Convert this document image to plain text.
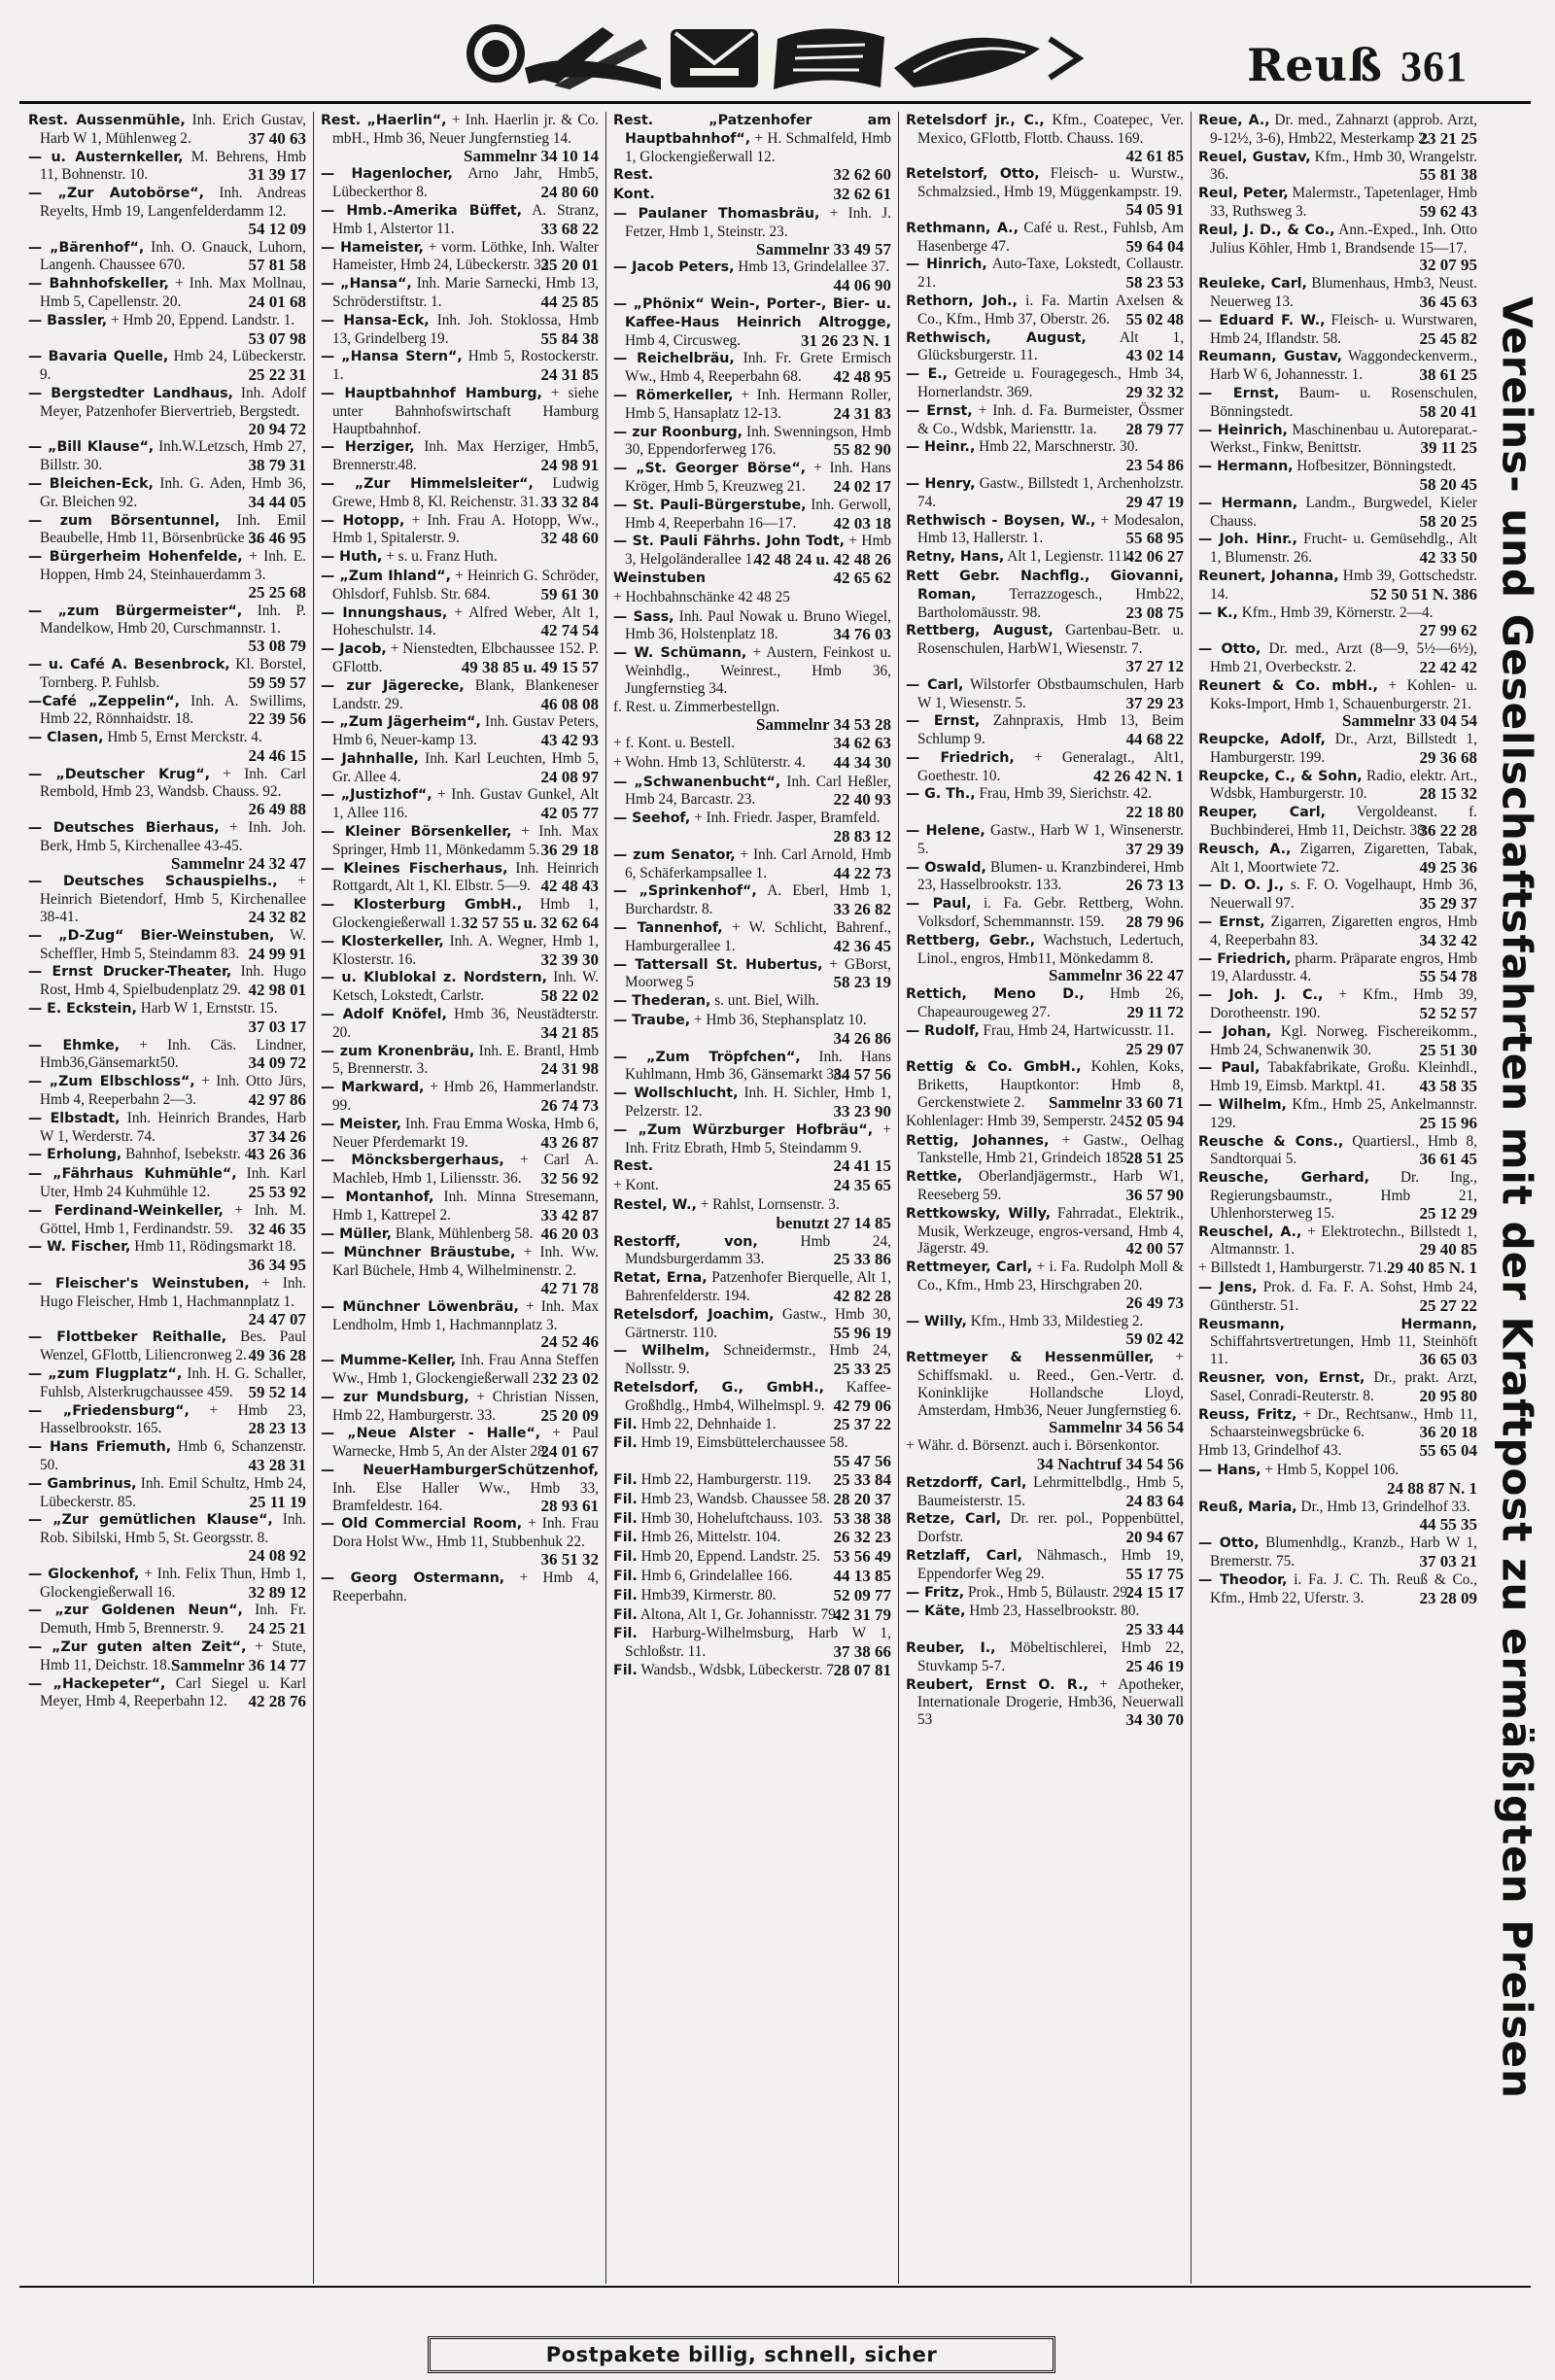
Reuß 361

Rest. Aussenmühle, Inh. Erich Gustav, Harb W 1, Mühlenweg 2.	37 40 63

— u. Austernkeller, M. Behrens, Hmb 11, Bohnenstr. 10.	31 39 17

— „Zur Autobörse“, Inh. Andreas Reyelts, Hmb 19, Langenfelderdamm 12.
54 12 09

— „Bärenhof“, Inh. O. Gnauck, Luhorn, Langenh. Chaussee 670.	57 81 58

— Bahnhofskeller, + Inh. Max Mollnau, Hmb 5, Capellenstr. 20.	24 01 68

— Bassler, + Hmb 20, Eppend. Landstr. 1.
53 07 98

— Bavaria Quelle, Hmb 24, Lübeckerstr. 9.	25 22 31

— Bergstedter Landhaus, Inh. Adolf Meyer, Patzenhofer Biervertrieb, Bergstedt.
20 94 72

— „Bill Klause“, Inh.W.Letzsch, Hmb 27, Billstr. 30.	38 79 31

— Bleichen-Eck, Inh. G. Aden, Hmb 36, Gr. Bleichen 92.	34 44 05

— zum Börsentunnel, Inh. Emil Beaubelle, Hmb 11, Börsenbrücke 3.
36 46 95

— Bürgerheim Hohenfelde, + Inh. E. Hoppen, Hmb 24, Steinhauerdamm 3.
25 25 68

— „zum Bürgermeister“, Inh. P. Mandelkow, Hmb 20, Curschmannstr. 1.
53 08 79

— u. Café A. Besenbrock, Kl. Borstel, Tornberg. P. Fuhlsb.	59 59 57

—Café „Zeppelin“, Inh. A. Swillims, Hmb 22, Rönnhaidstr. 18.	22 39 56

— Clasen, Hmb 5, Ernst Merckstr. 4.
24 46 15

— „Deutscher Krug“, + Inh. Carl Rembold, Hmb 23, Wandsb. Chauss. 92.
26 49 88

— Deutsches Bierhaus, + Inh. Joh. Berk, Hmb 5, Kirchenallee 43-45.
Sammelnr 24 32 47

— Deutsches Schauspielhs., + Heinrich Bietendorf, Hmb 5, Kirchenallee 38-41.	24 32 82

— „D-Zug“ Bier-Weinstuben, W. Scheffler, Hmb 5, Steindamm 83. 24 99 91

— Ernst Drucker-Theater, Inh. Hugo Rost, Hmb 4, Spielbudenplatz 29. 42 98 01

— E. Eckstein, Harb W 1, Ernststr. 15.
37 03 17

— Ehmke, + Inh. Cäs. Lindner, Hmb36,Gänsemarkt50.	34 09 72

— „Zum Elbschloss“, + Inh. Otto Jürs, Hmb 4, Reeperbahn 2—3.	42 97 86

— Elbstadt, Inh. Heinrich Brandes, Harb W 1, Werderstr. 74.	37 34 26

— Erholung, Bahnhof, Isebekstr. 4.
43 26 36

— „Fährhaus Kuhmühle“, Inh. Karl Uter, Hmb 24 Kuhmühle 12. 25 53 92

— Ferdinand-Weinkeller, + Inh. M. Göttel, Hmb 1, Ferdinandstr. 59. 32 46 35

— W. Fischer, Hmb 11, Rödingsmarkt 18.
36 34 95

— Fleischer's Weinstuben, + Inh. Hugo Fleischer, Hmb 1, Hachmannplatz 1.
24 47 07

— Flottbeker Reithalle, Bes. Paul Wenzel, GFlottb, Liliencronweg 2. 49 36 28

— „zum Flugplatz“, Inh. H. G. Schaller, Fuhlsb, Alsterkrugchaussee 459. 59 52 14

— „Friedensburg“, + Hmb 23, Hasselbrookstr. 165.	28 23 13

— Hans Friemuth, Hmb 6, Schanzenstr. 50.	43 28 31

— Gambrinus, Inh. Emil Schultz, Hmb 24, Lübeckerstr. 85.	25 11 19

— „Zur gemütlichen Klause“, Inh. Rob. Sibilski, Hmb 5, St. Georgsstr. 8.
24 08 92

— Glockenhof, + Inh. Felix Thun, Hmb 1, Glockengießerwall 16.	32 89 12

— „zur Goldenen Neun“, Inh. Fr. Demuth, Hmb 5, Brennerstr. 9. 24 25 21

— „Zur guten alten Zeit“, + Stute, Hmb 11, Deichstr. 18. Sammelnr 36 14 77

— „Hackepeter“, Carl Siegel u. Karl Meyer, Hmb 4, Reeperbahn 12. 42 28 76

Rest. „Haerlin“, + Inh. Haerlin jr. & Co. mbH., Hmb 36, Neuer Jungfernstieg 14.
Sammelnr 34 10 14

— Hagenlocher, Arno Jahr, Hmb5, Lübeckerthor 8.	24 80 60

— Hmb.-Amerika Büffet, A. Stranz, Hmb 1, Alstertor 11.	33 68 22

— Hameister, + vorm. Löthke, Inh. Walter Hameister, Hmb 24, Lübeckerstr. 33.
25 20 01

— „Hansa“, Inh. Marie Sarnecki, Hmb 13, Schröderstiftstr. 1.	44 25 85

— Hansa-Eck, Inh. Joh. Stoklossa, Hmb 13, Grindelberg 19.	55 84 38

— „Hansa Stern“, Hmb 5, Rostockerstr. 1.	24 31 85

— Hauptbahnhof Hamburg, + siehe unter Bahnhofswirtschaft Hamburg Hauptbahnhof.

— Herziger, Inh. Max Herziger, Hmb5, Brennerstr.48.	24 98 91

— „Zur Himmelsleiter“, Ludwig Grewe, Hmb 8, Kl. Reichenstr. 31. 33 32 84

— Hotopp, + Inh. Frau A. Hotopp, Ww., Hmb 1, Spitalerstr. 9.	32 48 60

— Huth, + s. u. Franz Huth.

— „Zum Ihland“, + Heinrich G. Schröder, Ohlsdorf, Fuhlsb. Str. 684.	59 61 30

— Innungshaus, + Alfred Weber, Alt 1, Hoheschulstr. 14.	42 74 54

— Jacob, + Nienstedten, Elbchaussee 152. P. GFlottb.	49 38 85 u. 49 15 57

— zur Jägerecke, Blank, Blankeneser Landstr. 29.	46 08 08

— „Zum Jägerheim“, Inh. Gustav Peters, Hmb 6, Neuer-kamp 13.	43 42 93

— Jahnhalle, Inh. Karl Leuchten, Hmb 5, Gr. Allee 4.	24 08 97

— „Justizhof“, + Inh. Gustav Gunkel, Alt 1, Allee 116.	42 05 77

— Kleiner Börsenkeller, + Inh. Max Springer, Hmb 11, Mönkedamm 5. 36 29 18

— Kleines Fischerhaus, Inh. Heinrich Rottgardt, Alt 1, Kl. Elbstr. 5—9. 42 48 43

— Klosterburg GmbH., Hmb 1, Glockengießerwall 1. 32 57 55 u. 32 62 64

— Klosterkeller, Inh. A. Wegner, Hmb 1, Klosterstr. 16.	32 39 30

— u. Klublokal z. Nordstern, Inh. W. Ketsch, Lokstedt, Carlstr.	58 22 02

— Adolf Knöfel, Hmb 36, Neustädterstr. 20.	34 21 85

— zum Kronenbräu, Inh. E. Brantl, Hmb 5, Brennerstr. 3.	24 31 98

— Markward, + Hmb 26, Hammerlandstr. 99.	26 74 73

— Meister, Inh. Frau Emma Woska, Hmb 6, Neuer Pferdemarkt 19.	43 26 87

— Möncksbergerhaus, + Carl A. Machleb, Hmb 1, Liliensstr. 36. 32 56 92

— Montanhof, Inh. Minna Stresemann, Hmb 1, Kattrepel 2.	33 42 87

— Müller, Blank, Mühlenberg 58. 46 20 03

— Münchner Bräustube, + Inh. Ww. Karl Büchele, Hmb 4, Wilhelminenstr. 2.
42 71 78

— Münchner Löwenbräu, + Inh. Max Lendholm, Hmb 1, Hachmannplatz 3.
24 52 46

— Mumme-Keller, Inh. Frau Anna Steffen Ww., Hmb 1, Glockengießerwall 2.
32 23 02

— zur Mundsburg, + Christian Nissen, Hmb 22, Hamburgerstr. 33.	25 20 09

— „Neue Alster - Halle“, + Paul Warnecke, Hmb 5, An der Alster 28.
24 01 67

— NeuerHamburgerSchützenhof, Inh. Else Haller Ww., Hmb 33, Bramfeldestr. 164.	28 93 61

— Old Commercial Room, + Inh. Frau Dora Holst Ww., Hmb 11, Stubbenhuk 22.
36 51 32

— Georg Ostermann, + Hmb 4, Reeperbahn.

Rest. „Patzenhofer am Hauptbahnhof“, + H. Schmalfeld, Hmb 1, Glockengießerwall 12.

Rest.	32 62 60

Kont.	32 62 61

— Paulaner Thomasbräu, + Inh. J. Fetzer, Hmb 1, Steinstr. 23.
Sammelnr 33 49 57

— Jacob Peters, Hmb 13, Grindelallee 37.
44 06 90

— „Phönix“ Wein-, Porter-, Bier- u. Kaffee-Haus Heinrich Altrogge, Hmb 4, Circusweg.	31 26 23 N. 1

— Reichelbräu, Inh. Fr. Grete Ermisch Ww., Hmb 4, Reeperbahn 68. 42 48 95

— Römerkeller, + Inh. Hermann Roller, Hmb 5, Hansaplatz 12-13.	24 31 83

— zur Roonburg, Inh. Swenningson, Hmb 30, Eppendorferweg 176.	55 82 90

— „St. Georger Börse“, + Inh. Hans Kröger, Hmb 5, Kreuzweg 21. 24 02 17

— St. Pauli-Bürgerstube, Inh. Gerwoll, Hmb 4, Reeperbahn 16—17. 42 03 18

— St. Pauli Fährhs. John Todt, + Hmb 3, Helgoländerallee 1.
42 48 24 u. 42 48 26

Weinstuben	42 65 62

+ Hochbahnschänke 42 48 25

— Sass, Inh. Paul Nowak u. Bruno Wiegel, Hmb 36, Holstenplatz 18.	34 76 03

— W. Schümann, + Austern, Feinkost u. Weinhdlg., Weinrest., Hmb 36, Jungfernstieg 34.

f. Rest. u. Zimmerbestellgn.
Sammelnr 34 53 28

+ f. Kont. u. Bestell.	34 62 63

+ Wohn. Hmb 13, Schlüterstr. 4. 44 34 30

— „Schwanenbucht“, Inh. Carl Heßler, Hmb 24, Barcastr. 23.	22 40 93

— Seehof, + Inh. Friedr. Jasper, Bramfeld.
28 83 12

— zum Senator, + Inh. Carl Arnold, Hmb 6, Schäferkampsallee 1.	44 22 73

— „Sprinkenhof“, A. Eberl, Hmb 1, Burchardstr. 8.	33 26 82

— Tannenhof, + W. Schlicht, Bahrenf., Hamburgerallee 1.	42 36 45

— Tattersall St. Hubertus, + GBorst, Moorweg 5	58 23 19

— Thederan, s. unt. Biel, Wilh.

— Traube, + Hmb 36, Stephansplatz 10.
34 26 86

— „Zum Tröpfchen“, Inh. Hans Kuhlmann, Hmb 36, Gänsemarkt 38.
34 57 56

— Wollschlucht, Inh. H. Sichler, Hmb 1, Pelzerstr. 12.	33 23 90

— „Zum Würzburger Hofbräu“, + Inh. Fritz Ebrath, Hmb 5, Steindamm 9.

Rest.	24 41 15

+ Kont.	24 35 65

Restel, W., + Rahlst, Lornsenstr. 3.
benutzt 27 14 85

Restorff, von,	Hmb 24, Mundsburgerdamm 33.	25 33 86

Retat, Erna, Patzenhofer Bierquelle, Alt 1, Bahrenfelderstr. 194.	42 82 28

Retelsdorf, Joachim, Gastw., Hmb 30, Gärtnerstr. 110.	55 96 19

— Wilhelm, Schneidermstr., Hmb 24, Nollsstr. 9.	25 33 25

Retelsdorf, G., GmbH., Kaffee-Großhdlg., Hmb4, Wilhelmspl. 9. 42 79 06

Fil. Hmb 22, Dehnhaide 1.	25 37 22

Fil. Hmb 19, Eimsbüttelerchaussee 58.
55 47 56

Fil. Hmb 22, Hamburgerstr. 119. 25 33 84

Fil. Hmb 23, Wandsb. Chaussee 58. 28 20 37

Fil. Hmb 30, Hoheluftchauss. 103. 53 38 38

Fil. Hmb 26, Mittelstr. 104.	26 32 23

Fil. Hmb 20, Eppend. Landstr. 25. 53 56 49

Fil. Hmb 6, Grindelallee 166. 44 13 85

Fil. Hmb39, Kirmerstr. 80.	52 09 77

Fil. Altona, Alt 1, Gr. Johannisstr. 79.
42 31 79

Fil. Harburg-Wilhelmsburg, Harb W 1, Schloßstr. 11.	37 38 66

Fil. Wandsb., Wdsbk, Lübeckerstr. 7.
28 07 81

Retelsdorf jr., C., Kfm., Coatepec, Ver. Mexico, GFlottb, Flottb. Chauss. 169.
42 61 85

Retelstorf, Otto, Fleisch- u. Wurstw., Schmalzsied., Hmb 19, Müggenkampstr. 19.
54 05 91

Rethmann, A., Café u. Rest., Fuhlsb, Am Hasenberge 47.	59 64 04

— Hinrich, Auto-Taxe, Lokstedt, Collaustr. 21.	58 23 53

Rethorn, Joh., i. Fa. Martin Axelsen & Co., Kfm., Hmb 37, Oberstr. 26. 55 02 48

Rethwisch, August, Alt 1, Glücksburgerstr. 11.	43 02 14

— E., Getreide u. Fouragegesch., Hmb 34, Hornerlandstr. 369.	29 32 32

— Ernst, + Inh. d. Fa. Burmeister, Össmer & Co., Wdsbk, Mariensttr. 1a. 28 79 77

— Heinr., Hmb 22, Marschnerstr. 30.
23 54 86

— Henry, Gastw., Billstedt 1, Archenholzstr. 74.	29 47 19

Rethwisch - Boysen, W., + Modesalon, Hmb 13, Hallerstr. 1.	55 68 95

Retny, Hans, Alt 1, Legienstr. 111.
42 06 27

Rett Gebr. Nachflg., Giovanni, Roman, Terrazzogesch., Hmb22, Bartholomäusstr. 98.	23 08 75

Rettberg, August, Gartenbau-Betr. u. Rosenschulen, HarbW1, Wiesenstr. 7.
37 27 12

— Carl, Wilstorfer Obstbaumschulen, Harb W 1, Wiesenstr. 5.	37 29 23

— Ernst, Zahnpraxis, Hmb 13, Beim Schlump 9.	44 68 22

— Friedrich, + Generalagt., Alt1, Goethestr. 10.	42 26 42 N. 1

— G. Th., Frau, Hmb 39, Sierichstr. 42.
22 18 80

— Helene, Gastw., Harb W 1, Winsenerstr. 5.	37 29 39

— Oswald, Blumen- u. Kranzbinderei, Hmb 23, Hasselbrookstr. 133.	26 73 13

— Paul, i. Fa. Gebr. Rettberg, Wohn. Volksdorf, Schemmannstr. 159. 28 79 96

Rettberg, Gebr., Wachstuch, Ledertuch, Linol., engros, Hmb11, Mönkedamm 8.
Sammelnr 36 22 47

Rettich, Meno D., Hmb 26, Chapeaurougeweg 27.	29 11 72

— Rudolf, Frau, Hmb 24, Hartwicusstr. 11.
25 29 07

Rettig & Co. GmbH., Kohlen, Koks, Briketts, Hauptkontor: Hmb 8, Gerckenstwiete 2. Sammelnr 33 60 71

Kohlenlager: Hmb 39, Semperstr. 24.
52 05 94

Rettig, Johannes, + Gastw., Oelhag Tankstelle, Hmb 21, Grindeich 185.
28 51 25

Rettke, Oberlandjägermstr., Harb W1, Reeseberg 59.	36 57 90

Rettkowsky, Willy, Fahrradat., Elektrik., Musik, Werkzeuge, engros-versand, Hmb 4, Jägerstr. 49.	42 00 57

Rettmeyer, Carl, + i. Fa. Rudolph Moll & Co., Kfm., Hmb 23, Hirschgraben 20.
26 49 73

— Willy, Kfm., Hmb 33, Mildestieg 2.
59 02 42

Rettmeyer & Hessenmüller, + Schiffsmakl. u. Reed., Gen.-Vertr. d. Koninklijke Hollandsche Lloyd, Amsterdam, Hmb36, Neuer Jungfernstieg 6.
Sammelnr 34 56 54

+ Währ. d. Börsenzt. auch i. Börsenkontor.
34 Nachtruf 34 54 56

Retzdorff, Carl, Lehrmittelbdlg., Hmb 5, Baumeisterstr. 15.	24 83 64

Retze, Carl, Dr. rer. pol., Poppenbüttel, Dorfstr.	20 94 67

Retzlaff, Carl, Nähmasch., Hmb 19, Eppendorfer Weg 29.	55 17 75

— Fritz, Prok., Hmb 5, Bülaustr. 29.
24 15 17

— Käte, Hmb 23, Hasselbrookstr. 80.
25 33 44

Reuber, I., Möbeltischlerei, Hmb 22, Stuvkamp 5-7.	25 46 19

Reubert, Ernst O. R., + Apotheker, Internationale Drogerie, Hmb36, Neuerwall 53	34 30 70

Reue, A., Dr. med., Zahnarzt (approb. Arzt, 9-12½, 3-6), Hmb22, Mesterkamp 2.
23 21 25

Reuel, Gustav, Kfm., Hmb 30, Wrangelstr. 36.	55 81 38

Reul, Peter, Malermstr., Tapetenlager, Hmb 33, Ruthsweg 3.	59 62 43

Reul, J. D., & Co., Ann.-Exped., Inh. Otto Julius Köhler, Hmb 1, Brandsende 15—17.
32 07 95

Reuleke, Carl, Blumenhaus, Hmb3, Neust. Neuerweg 13.	36 45 63

— Eduard F. W., Fleisch- u. Wurstwaren, Hmb 24, Iflandstr. 58.	25 45 82

Reumann, Gustav, Waggondeckenverm., Harb W 6, Johannesstr. 1.	38 61 25

— Ernst, Baum- u. Rosenschulen, Bönningstedt.	58 20 41

— Heinrich, Maschinenbau u. Autoreparat.-Werkst., Finkw, Benittstr.	39 11 25

— Hermann, Hofbesitzer, Bönningstedt.
58 20 45

— Hermann, Landm., Burgwedel, Kieler Chauss.	58 20 25

— Joh. Hinr., Frucht- u. Gemüsehdlg., Alt 1, Blumenstr. 26.	42 33 50

Reunert, Johanna, Hmb 39, Gottschedstr. 14.	52 50 51 N. 386

— K., Kfm., Hmb 39, Körnerstr. 2—4.
27 99 62

— Otto, Dr. med., Arzt (8—9, 5½—6½), Hmb 21, Overbeckstr. 2.	22 42 42

Reunert & Co. mbH., + Kohlen- u. Koks-Import, Hmb 1, Schauenburgerstr. 21.
Sammelnr 33 04 54

Reupcke, Adolf, Dr., Arzt, Billstedt 1, Hamburgerstr. 199.	29 36 68

Reupcke, C., & Sohn, Radio, elektr. Art., Wdsbk, Hamburgerstr. 10.	28 15 32

Reuper, Carl, Vergoldeanst. f. Buchbinderei, Hmb 11, Deichstr. 38.
36 22 28

Reusch, A., Zigarren, Zigaretten, Tabak, Alt 1, Moortwiete 72.	49 25 36

— D. O. J., s. F. O. Vogelhaupt, Hmb 36, Neuerwall 97.	35 29 37

— Ernst, Zigarren, Zigaretten engros, Hmb 4, Reeperbahn 83.	34 32 42

— Friedrich, pharm. Präparate engros, Hmb 19, Alardusstr. 4.	55 54 78

— Joh. J. C., + Kfm., Hmb 39, Dorotheenstr. 190.	52 52 57

— Johan, Kgl. Norweg. Fischereikomm., Hmb 24, Schwanenwik 30.	25 51 30

— Paul, Tabakfabrikate, Großu. Kleinhdl., Hmb 19, Eimsb. Marktpl. 41. 43 58 35

— Wilhelm, Kfm., Hmb 25, Ankelmannstr. 129.	25 15 96

Reusche & Cons., Quartiersl., Hmb 8, Sandtorquai 5.	36 61 45

Reusche, Gerhard, Dr. Ing., Regierungsbaumstr., Hmb 21, Uhlenhorsterweg 15.	25 12 29

Reuschel, A., + Elektrotechn., Billstedt 1, Altmannstr. 1.	29 40 85

+ Billstedt 1, Hamburgerstr. 71. 29 40 85 N. 1

— Jens, Prok. d. Fa. F. A. Sohst, Hmb 24, Güntherstr. 51.	25 27 22

Reusmann, Hermann, Schiffahrtsvertretungen, Hmb 11, Steinhöft 11.	36 65 03

Reusner, von, Ernst, Dr., prakt. Arzt, Sasel, Conradi-Reuterstr. 8.	20 95 80

Reuss, Fritz, + Dr., Rechtsanw., Hmb 11, Schaarsteinwegsbrücke 6.	36 20 18

Hmb 13, Grindelhof 43.	55 65 04

— Hans, + Hmb 5, Koppel 106.
24 88 87 N. 1

Reuß, Maria, Dr., Hmb 13, Grindelhof 33.
44 55 35

— Otto, Blumenhdlg., Kranzb., Harb W 1, Bremerstr. 75.	37 03 21

— Theodor, i. Fa. J. C. Th. Reuß & Co., Kfm., Hmb 22, Uferstr. 3.	23 28 09 Vereins- und Gesellschaftsfahrten mit der Kraftpost zu ermäßigten Preisen
Postpakete billig, schnell, sicher
